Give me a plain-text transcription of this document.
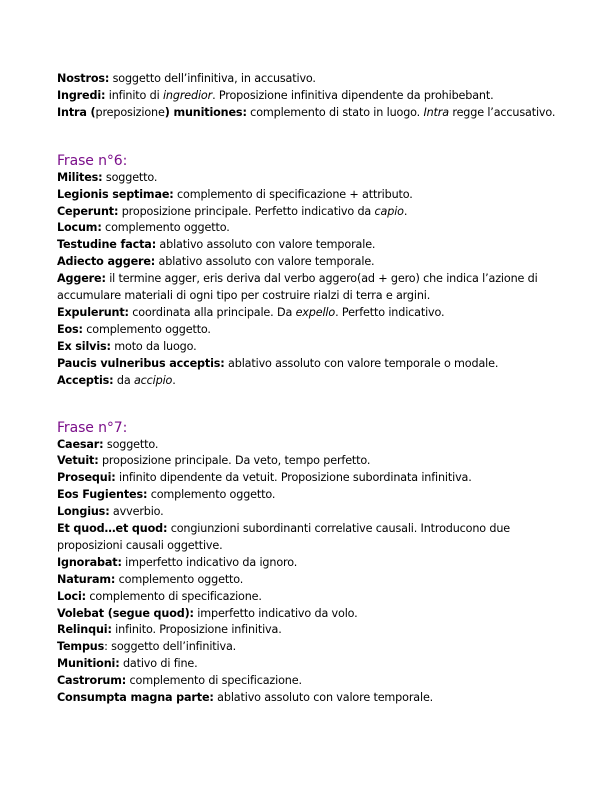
Nostros: soggetto dell’infinitiva, in accusativo.
Ingredi: infinito di ingredior. Proposizione infinitiva dipendente da prohibebant.
Intra (preposizione) munitiones: complemento di stato in luogo. Intra regge l’accusativo.
Frase n°6:
Milites: soggetto.
Legionis septimae: complemento di specificazione + attributo.
Ceperunt: proposizione principale. Perfetto indicativo da capio.
Locum: complemento oggetto.
Testudine facta: ablativo assoluto con valore temporale.
Adiecto aggere: ablativo assoluto con valore temporale.
Aggere: il termine agger, eris deriva dal verbo aggero(ad + gero) che indica l’azione di accumulare materiali di ogni tipo per costruire rialzi di terra e argini.
Expulerunt: coordinata alla principale. Da expello. Perfetto indicativo.
Eos: complemento oggetto.
Ex silvis: moto da luogo.
Paucis vulneribus acceptis: ablativo assoluto con valore temporale o modale.
Acceptis: da accipio.
Frase n°7:
Caesar: soggetto.
Vetuit: proposizione principale. Da veto, tempo perfetto.
Prosequi: infinito dipendente da vetuit. Proposizione subordinata infinitiva.
Eos Fugientes: complemento oggetto.
Longius: avverbio.
Et quod…et quod: congiunzioni subordinanti correlative causali. Introducono due proposizioni causali oggettive.
Ignorabat: imperfetto indicativo da ignoro.
Naturam: complemento oggetto.
Loci: complemento di specificazione.
Volebat (segue quod): imperfetto indicativo da volo.
Relinqui: infinito. Proposizione infinitiva.
Tempus: soggetto dell’infinitiva.
Munitioni: dativo di fine.
Castrorum: complemento di specificazione.
Consumpta magna parte: ablativo assoluto con valore temporale.
